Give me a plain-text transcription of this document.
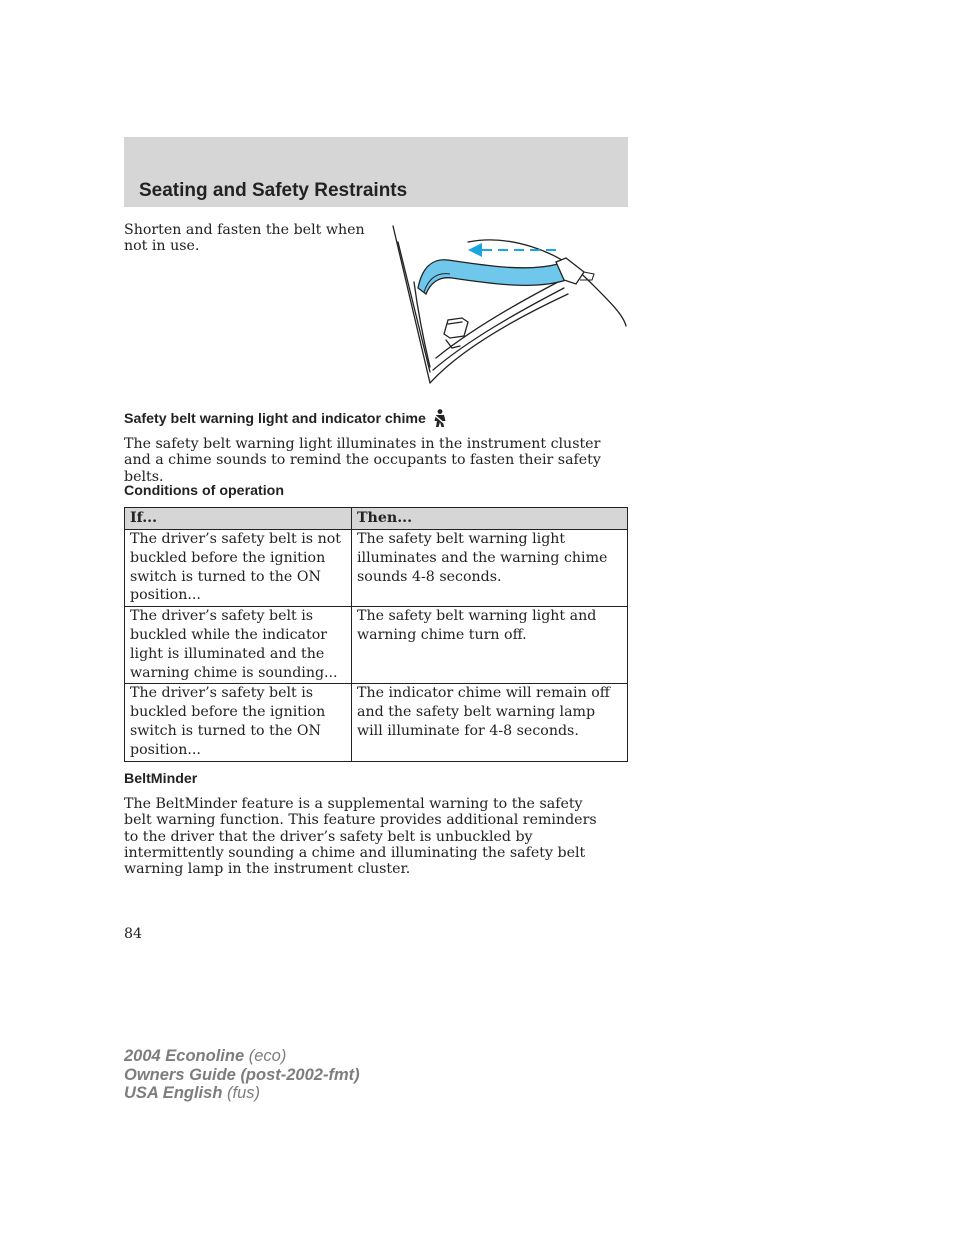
Seating and Safety Restraints
Shorten and fasten the belt when not in use.
Safety belt warning light and indicator chime
The safety belt warning light illuminates in the instrument cluster and a chime sounds to remind the occupants to fasten their safety belts.
Conditions of operation
If...	Then...
The driver’s safety belt is not buckled before the ignition switch is turned to the ON position...	The safety belt warning light illuminates and the warning chime sounds 4-8 seconds.
The driver’s safety belt is buckled while the indicator light is illuminated and the warning chime is sounding...	The safety belt warning light and warning chime turn off.
The driver’s safety belt is buckled before the ignition switch is turned to the ON position...	The indicator chime will remain off and the safety belt warning lamp will illuminate for 4-8 seconds.
BeltMinder
The BeltMinder feature is a supplemental warning to the safety belt warning function. This feature provides additional reminders to the driver that the driver’s safety belt is unbuckled by intermittently sounding a chime and illuminating the safety belt warning lamp in the instrument cluster.
84
2004 Econoline (eco)
Owners Guide (post-2002-fmt)
USA English (fus)
